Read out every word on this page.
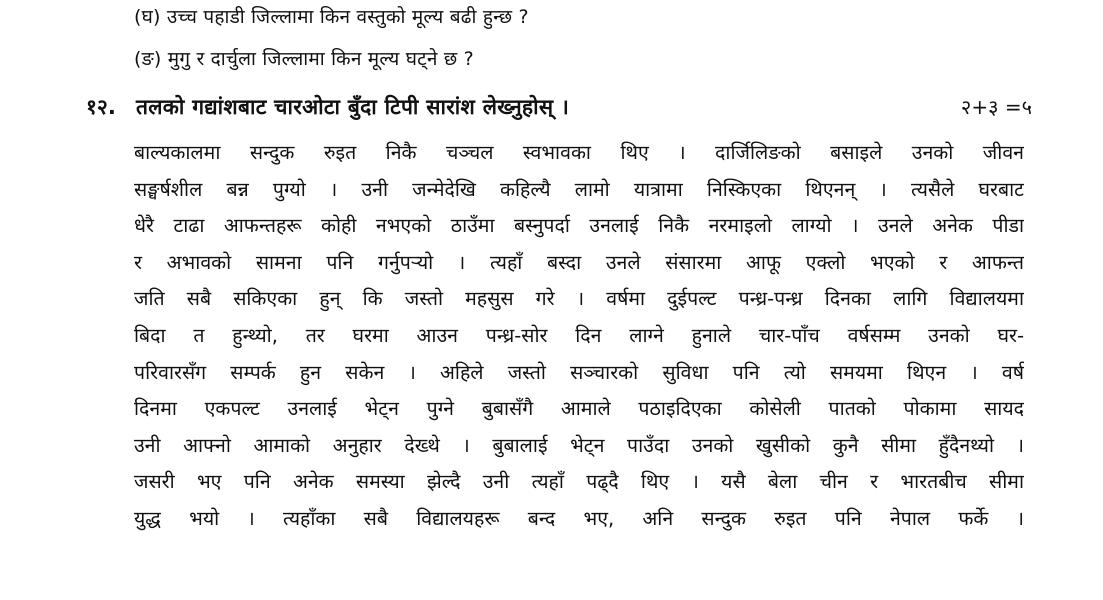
(घ) उच्च पहाडी जिल्लामा किन वस्तुको मूल्य बढी हुन्छ ?
(ङ) मुगु र दार्चुला जिल्लामा किन मूल्य घट्ने छ ?
१२. तलको गद्यांशबाट चारओटा बुँदा टिपी सारांश लेख्नुहोस् ।	२+३ =५
बाल्यकालमा सन्दुक रुइत निकै चञ्चल स्वभावका थिए । दार्जिलिङको बसाइले उनको जीवन
सङ्घर्षशील बन्न पुग्यो । उनी जन्मेदेखि कहिल्यै लामो यात्रामा निस्किएका थिएनन् । त्यसैले घरबाट
धेरै टाढा आफन्तहरू कोही नभएको ठाउँमा बस्नुपर्दा उनलाई निकै नरमाइलो लाग्यो । उनले अनेक पीडा
र अभावको सामना पनि गर्नुपर्‍यो । त्यहाँ बस्दा उनले संसारमा आफू एक्लो भएको र आफन्त
जति सबै सकिएका हुन् कि जस्तो महसुस गरे । वर्षमा दुईपल्ट पन्ध्र-पन्ध्र दिनका लागि विद्यालयमा
बिदा त हुन्थ्यो, तर घरमा आउन पन्ध्र-सोर दिन लाग्ने हुनाले चार-पाँच वर्षसम्म उनको घर-
परिवारसँग सम्पर्क हुन सकेन । अहिले जस्तो सञ्चारको सुविधा पनि त्यो समयमा थिएन । वर्ष
दिनमा एकपल्ट उनलाई भेट्न पुग्ने बुबासँगै आमाले पठाइदिएका कोसेली पातको पोकामा सायद
उनी आफ्नो आमाको अनुहार देख्थे । बुबालाई भेट्न पाउँदा उनको खुसीको कुनै सीमा हुँदैनथ्यो ।
जसरी भए पनि अनेक समस्या झेल्दै उनी त्यहाँ पढ्दै थिए । यसै बेला चीन र भारतबीच सीमा
युद्ध भयो । त्यहाँका सबै विद्यालयहरू बन्द भए, अनि सन्दुक रुइत पनि नेपाल फर्के ।
